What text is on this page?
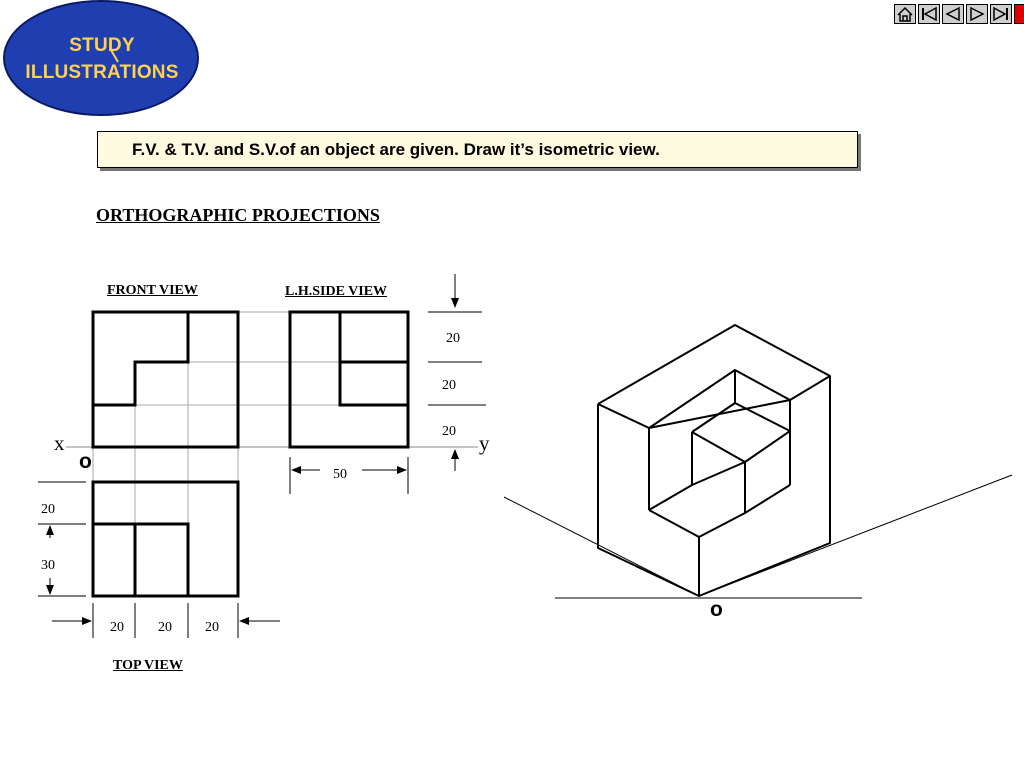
STUDY
ILLUSTRATIONS
F.V. & T.V. and S.V.of an object are given. Draw it’s isometric view.
ORTHOGRAPHIC PROJECTIONS
FRONT VIEW	L.H.SIDE VIEW
TOP VIEW
20
20
20
50
20
30
20 20 20
x	y
o
o
